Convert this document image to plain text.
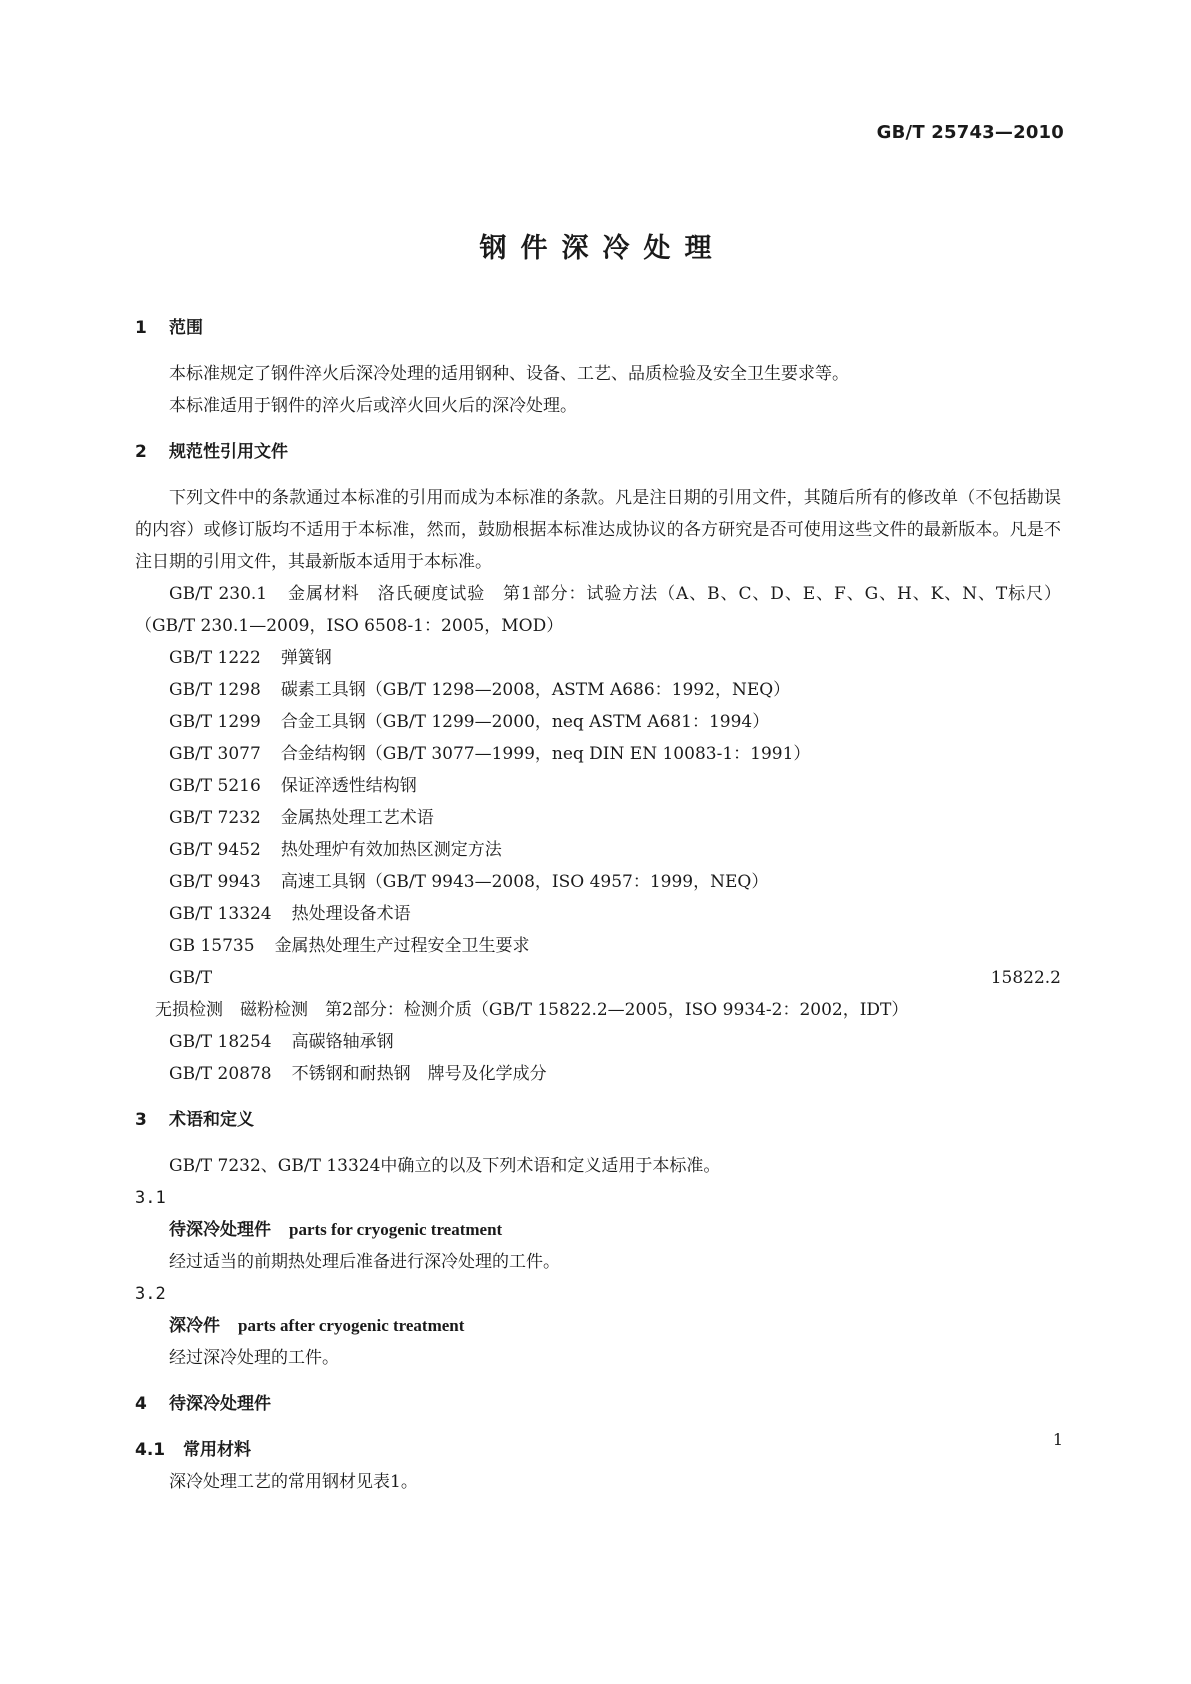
GB/T 25743—2010
钢件深冷处理
1 范围
本标准规定了钢件淬火后深冷处理的适用钢种、设备、工艺、品质检验及安全卫生要求等。
本标准适用于钢件的淬火后或淬火回火后的深冷处理。
2 规范性引用文件
下列文件中的条款通过本标准的引用而成为本标准的条款。凡是注日期的引用文件，其随后所有的修改单（不包括勘误的内容）或修订版均不适用于本标准，然而，鼓励根据本标准达成协议的各方研究是否可使用这些文件的最新版本。凡是不注日期的引用文件，其最新版本适用于本标准。
GB/T 230.1 金属材料　洛氏硬度试验　第1部分：试验方法（A、B、C、D、E、F、G、H、K、N、T标尺）（GB/T 230.1—2009，ISO 6508-1：2005，MOD）
GB/T 1222 弹簧钢
GB/T 1298 碳素工具钢（GB/T 1298—2008，ASTM A686：1992，NEQ）
GB/T 1299 合金工具钢（GB/T 1299—2000，neq ASTM A681：1994）
GB/T 3077 合金结构钢（GB/T 3077—1999，neq DIN EN 10083-1：1991）
GB/T 5216 保证淬透性结构钢
GB/T 7232 金属热处理工艺术语
GB/T 9452 热处理炉有效加热区测定方法
GB/T 9943 高速工具钢（GB/T 9943—2008，ISO 4957：1999，NEQ）
GB/T 13324 热处理设备术语
GB 15735 金属热处理生产过程安全卫生要求
GB/T 15822.2无损检测　磁粉检测　第2部分：检测介质（GB/T 15822.2—2005，ISO 9934-2：2002，IDT）
GB/T 18254 高碳铬轴承钢
GB/T 20878 不锈钢和耐热钢　牌号及化学成分
3 术语和定义
GB/T 7232、GB/T 13324中确立的以及下列术语和定义适用于本标准。
3.1
待深冷处理件 parts for cryogenic treatment
经过适当的前期热处理后准备进行深冷处理的工件。
3.2
深冷件 parts after cryogenic treatment
经过深冷处理的工件。
4 待深冷处理件
4.1 常用材料
深冷处理工艺的常用钢材见表1。
1
